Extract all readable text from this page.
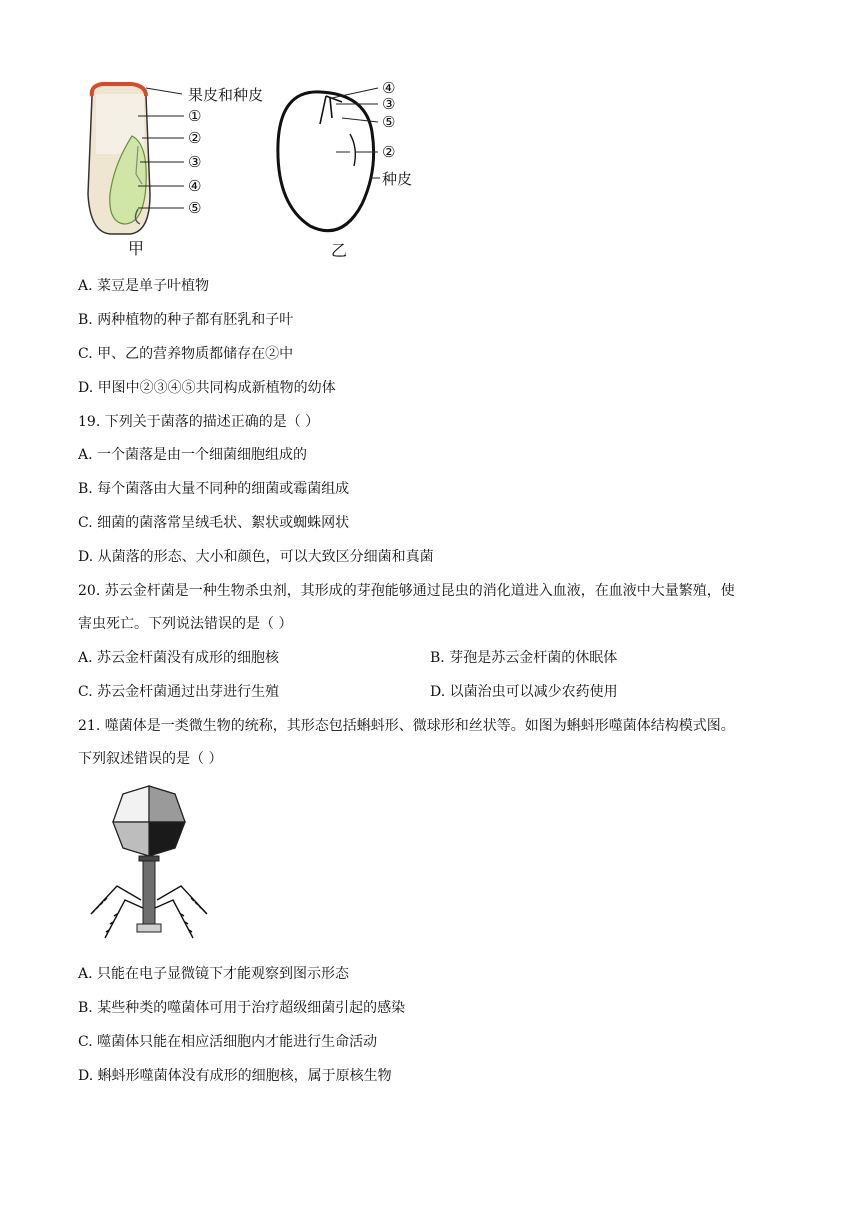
果皮和种皮
①
②
③
④
⑤
甲
④
③
⑤
②
种皮
乙
A. 菜豆是单子叶植物
B. 两种植物的种子都有胚乳和子叶
C. 甲、乙的营养物质都储存在②中
D. 甲图中②③④⑤共同构成新植物的幼体
19. 下列关于菌落的描述正确的是（ ）
A. 一个菌落是由一个细菌细胞组成的
B. 每个菌落由大量不同种的细菌或霉菌组成
C. 细菌的菌落常呈绒毛状、絮状或蜘蛛网状
D. 从菌落的形态、大小和颜色，可以大致区分细菌和真菌
20. 苏云金杆菌是一种生物杀虫剂，其形成的芽孢能够通过昆虫的消化道进入血液，在血液中大量繁殖，使
害虫死亡。下列说法错误的是（ ）
A. 苏云金杆菌没有成形的细胞核	B. 芽孢是苏云金杆菌的休眠体
C. 苏云金杆菌通过出芽进行生殖	D. 以菌治虫可以减少农药使用
21. 噬菌体是一类微生物的统称，其形态包括蝌蚪形、微球形和丝状等。如图为蝌蚪形噬菌体结构模式图。
下列叙述错误的是（ ）
A. 只能在电子显微镜下才能观察到图示形态
B. 某些种类的噬菌体可用于治疗超级细菌引起的感染
C. 噬菌体只能在相应活细胞内才能进行生命活动
D. 蝌蚪形噬菌体没有成形的细胞核，属于原核生物
